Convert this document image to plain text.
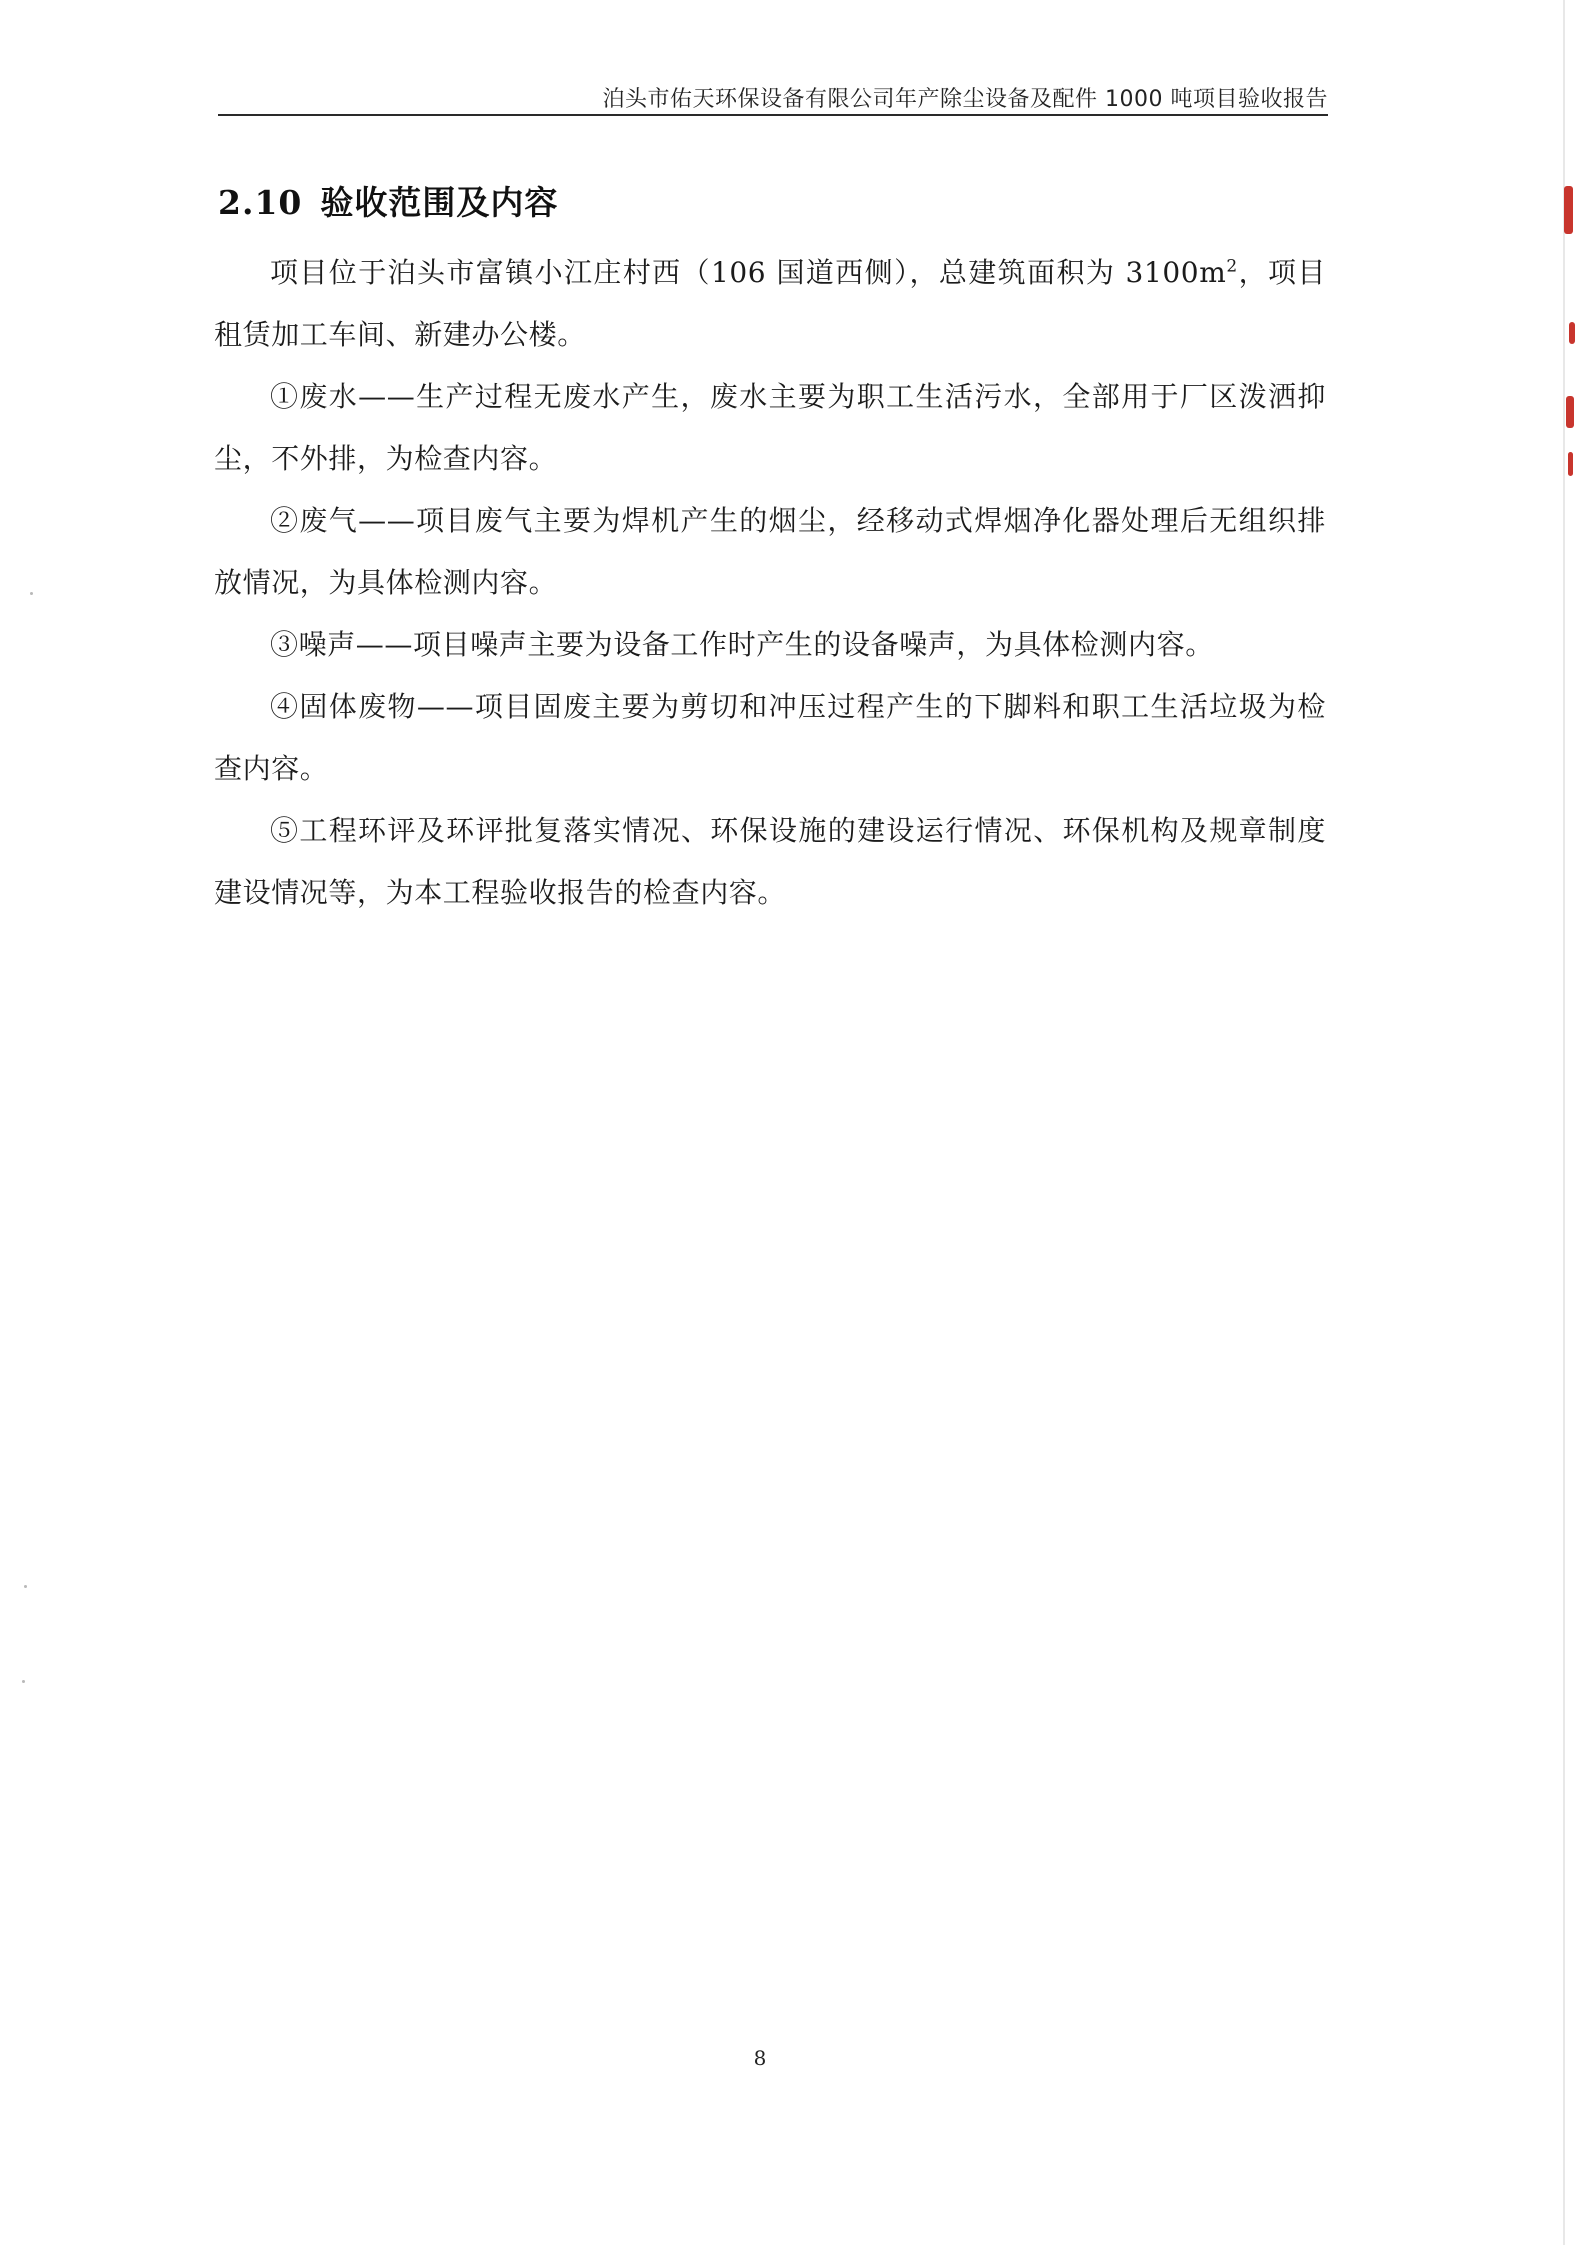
泊头市佑天环保设备有限公司年产除尘设备及配件 1000 吨项目验收报告
2.10 验收范围及内容

项目位于泊头市富镇小江庄村西（106 国道西侧），总建筑面积为 $3100m^2$，项目租赁加工车间、新建办公楼。

①废水——生产过程无废水产生，废水主要为职工生活污水，全部用于厂区泼洒抑尘，不外排，为检查内容。

②废气——项目废气主要为焊机产生的烟尘，经移动式焊烟净化器处理后无组织排放情况，为具体检测内容。

③噪声——项目噪声主要为设备工作时产生的设备噪声，为具体检测内容。

④固体废物——项目固废主要为剪切和冲压过程产生的下脚料和职工生活垃圾为检查内容。

⑤工程环评及环评批复落实情况、环保设施的建设运行情况、环保机构及规章制度建设情况等，为本工程验收报告的检查内容。

8
